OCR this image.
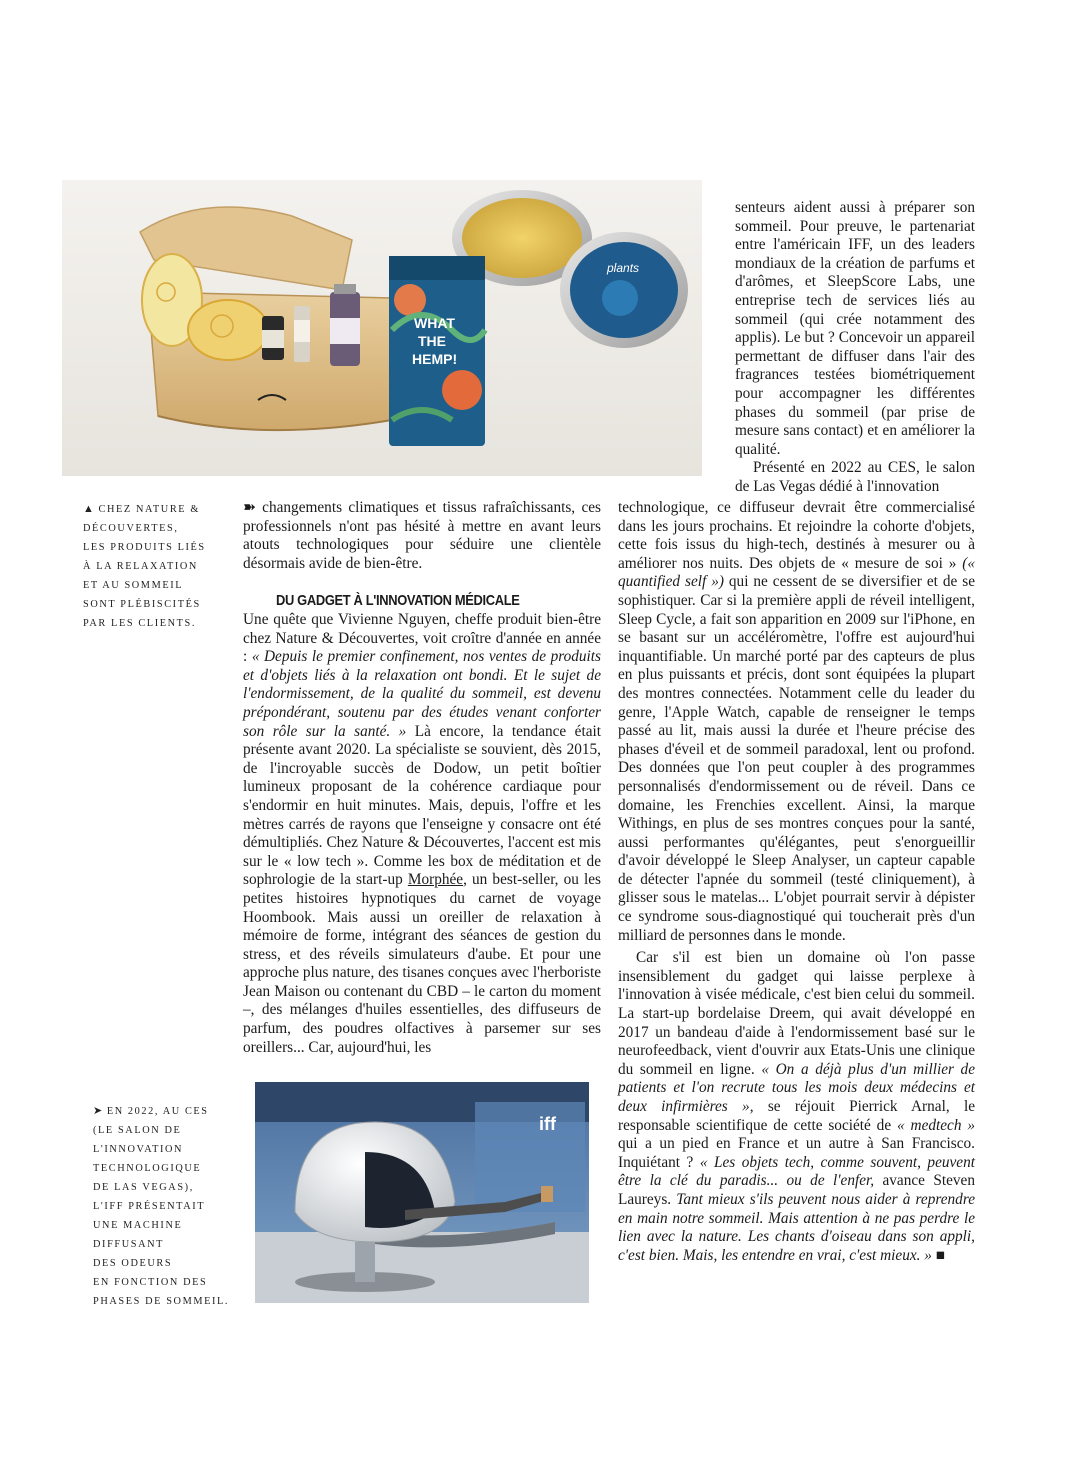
plants
WHAT
THE
HEMP!
▲ CHEZ NATURE &
DÉCOUVERTES,
LES PRODUITS LIÉS
À LA RELAXATION
ET AU SOMMEIL
SONT PLÉBISCITÉS
PAR LES CLIENTS.

➽ changements climatiques et tissus rafraîchissants, ces professionnels n'ont pas hésité à mettre en avant leurs atouts technologiques pour séduire une clientèle désormais avide de bien-être.

DU GADGET À L'INNOVATION MÉDICALE

Une quête que Vivienne Nguyen, cheffe produit bien-être chez Nature & Découvertes, voit croître d'année en année : « Depuis le premier confinement, nos ventes de produits et d'objets liés à la relaxation ont bondi. Et le sujet de l'endormissement, de la qualité du sommeil, est devenu prépondérant, soutenu par des études venant conforter son rôle sur la santé. » Là encore, la tendance était présente avant 2020. La spécialiste se souvient, dès 2015, de l'incroyable succès de Dodow, un petit boîtier lumineux proposant de la cohérence cardiaque pour s'endormir en huit minutes. Mais, depuis, l'offre et les mètres carrés de rayons que l'enseigne y consacre ont été démultipliés. Chez Nature & Découvertes, l'accent est mis sur le « low tech ». Comme les box de méditation et de sophrologie de la start-up Morphée, un best-seller, ou les petites histoires hypnotiques du carnet de voyage Hoombook. Mais aussi un oreiller de relaxation à mémoire de forme, intégrant des séances de gestion du stress, et des réveils simulateurs d'aube. Et pour une approche plus nature, des tisanes conçues avec l'herboriste Jean Maison ou contenant du CBD – le carton du moment –, des mélanges d'huiles essentielles, des diffuseurs de parfum, des poudres olfactives à parsemer sur ses oreillers... Car, aujourd'hui, les

iff
➤ EN 2022, AU CES
(LE SALON DE
L'INNOVATION
TECHNOLOGIQUE
DE LAS VEGAS),
L'IFF PRÉSENTAIT
UNE MACHINE
DIFFUSANT
DES ODEURS
EN FONCTION DES
PHASES DE SOMMEIL.

senteurs aident aussi à préparer son sommeil. Pour preuve, le partenariat entre l'américain IFF, un des leaders mondiaux de la création de parfums et d'arômes, et SleepScore Labs, une entreprise tech de services liés au sommeil (qui crée notamment des applis). Le but ? Concevoir un appareil permettant de diffuser dans l'air des fragrances testées biométriquement pour accompagner les différentes phases du sommeil (par prise de mesure sans contact) et en améliorer la qualité.

Présenté en 2022 au CES, le salon de Las Vegas dédié à l'innovation

technologique, ce diffuseur devrait être commercialisé dans les jours prochains. Et rejoindre la cohorte d'objets, cette fois issus du high-tech, destinés à mesurer ou à améliorer nos nuits. Des objets de « mesure de soi » (« quantified self ») qui ne cessent de se diversifier et de se sophistiquer. Car si la première appli de réveil intelligent, Sleep Cycle, a fait son apparition en 2009 sur l'iPhone, en se basant sur un accéléromètre, l'offre est aujourd'hui inquantifiable. Un marché porté par des capteurs de plus en plus puissants et précis, dont sont équipées la plupart des montres connectées. Notamment celle du leader du genre, l'Apple Watch, capable de renseigner le temps passé au lit, mais aussi la durée et l'heure précise des phases d'éveil et de sommeil paradoxal, lent ou profond. Des données que l'on peut coupler à des programmes personnalisés d'endormissement ou de réveil. Dans ce domaine, les Frenchies excellent. Ainsi, la marque Withings, en plus de ses montres conçues pour la santé, aussi performantes qu'élégantes, peut s'enorgueillir d'avoir développé le Sleep Analyser, un capteur capable de détecter l'apnée du sommeil (testé cliniquement), à glisser sous le matelas... L'objet pourrait servir à dépister ce syndrome sous-diagnostiqué qui toucherait près d'un milliard de personnes dans le monde.

Car s'il est bien un domaine où l'on passe insensiblement du gadget qui laisse perplexe à l'innovation à visée médicale, c'est bien celui du sommeil. La start-up bordelaise Dreem, qui avait développé en 2017 un bandeau d'aide à l'endormissement basé sur le neurofeedback, vient d'ouvrir aux Etats-Unis une clinique du sommeil en ligne. « On a déjà plus d'un millier de patients et l'on recrute tous les mois deux médecins et deux infirmières », se réjouit Pierrick Arnal, le responsable scientifique de cette société de « medtech » qui a un pied en France et un autre à San Francisco. Inquiétant ? « Les objets tech, comme souvent, peuvent être la clé du paradis... ou de l'enfer, avance Steven Laureys. Tant mieux s'ils peuvent nous aider à reprendre en main notre sommeil. Mais attention à ne pas perdre le lien avec la nature. Les chants d'oiseau dans son appli, c'est bien. Mais, les entendre en vrai, c'est mieux. » ■
